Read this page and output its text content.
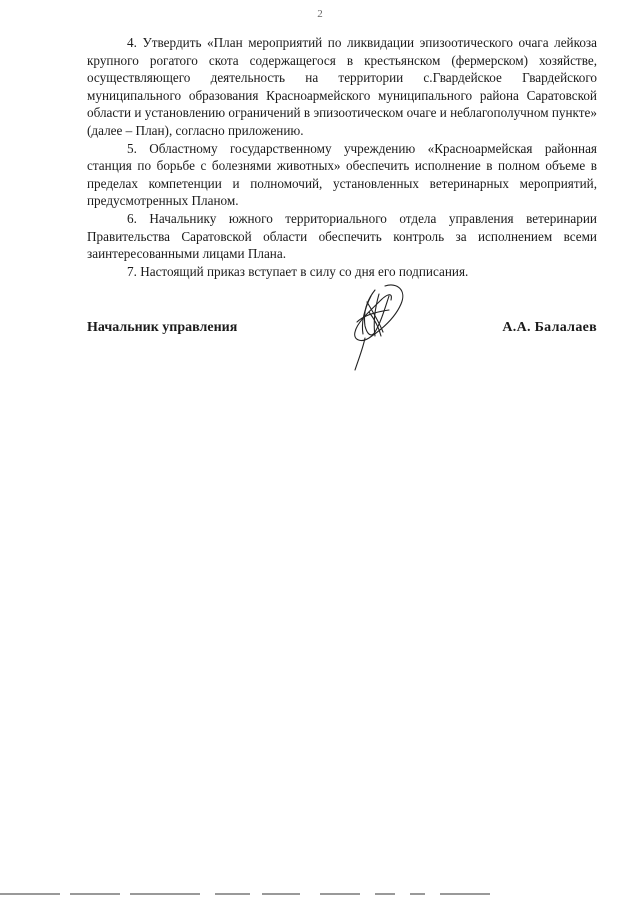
2

4. Утвердить «План мероприятий по ликвидации эпизоотического очага лейкоза крупного рогатого скота содержащегося в крестьянском (фермерском) хозяйстве, осуществляющего деятельность на территории с.Гвардейское Гвардейского муниципального образования Красноармейского муниципального района Саратовской области и установлению ограничений в эпизоотическом очаге и неблагополучном пункте» (далее – План), согласно приложению.

5. Областному государственному учреждению «Красноармейская районная станция по борьбе с болезнями животных» обеспечить исполнение в полном объеме в пределах компетенции и полномочий, установленных ветеринарных мероприятий, предусмотренных Планом.

6. Начальнику южного территориального отдела управления ветеринарии Правительства Саратовской области обеспечить контроль за исполнением всеми заинтересованными лицами Плана.

7. Настоящий приказ вступает в силу со дня его подписания.

Начальник управления	А.А. Балалаев
